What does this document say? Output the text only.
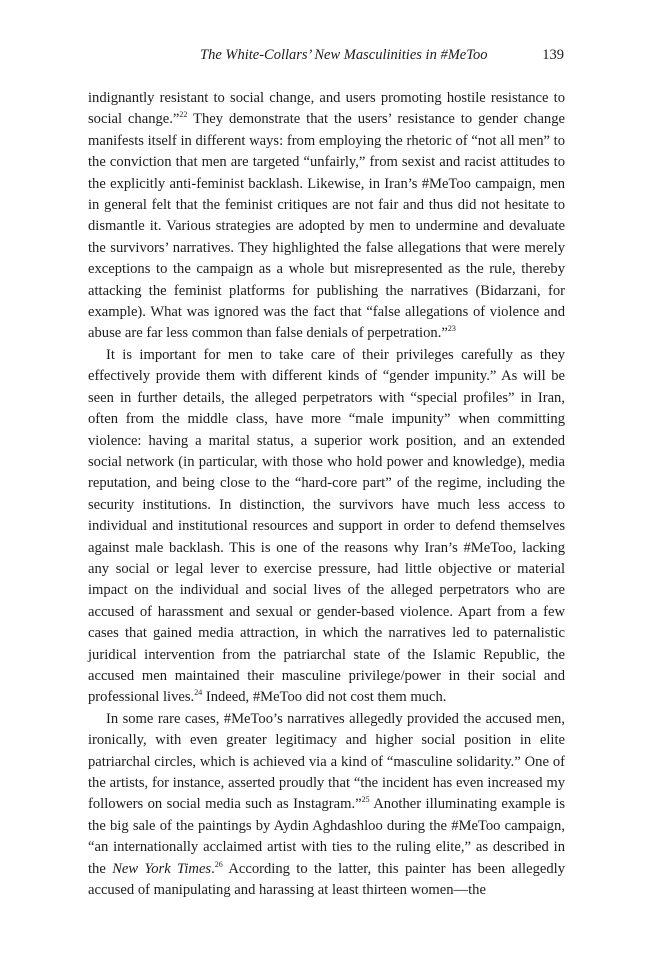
The White-Collars’ New Masculinities in #MeToo	139

indignantly resistant to social change, and users promoting hostile resistance to social change.”$^{22}$ They demonstrate that the users’ resistance to gender change manifests itself in different ways: from employing the rhetoric of “not all men” to the conviction that men are targeted “unfairly,” from sexist and racist attitudes to the explicitly anti-feminist backlash. Likewise, in Iran’s #MeToo campaign, men in general felt that the feminist critiques are not fair and thus did not hesitate to dismantle it. Various strategies are adopted by men to undermine and devaluate the survivors’ narratives. They highlighted the false allegations that were merely exceptions to the campaign as a whole but misrepresented as the rule, thereby attacking the feminist platforms for publishing the narratives (Bidarzani, for example). What was ignored was the fact that “false allegations of violence and abuse are far less common than false denials of perpetration.”$^{23}$

It is important for men to take care of their privileges carefully as they effectively provide them with different kinds of “gender impunity.” As will be seen in further details, the alleged perpetrators with “special profiles” in Iran, often from the middle class, have more “male impunity” when committing violence: having a marital status, a superior work position, and an extended social network (in particular, with those who hold power and knowledge), media reputation, and being close to the “hard-core part” of the regime, including the security institutions. In distinction, the survivors have much less access to individual and institutional resources and support in order to defend themselves against male backlash. This is one of the reasons why Iran’s #MeToo, lacking any social or legal lever to exercise pressure, had little objective or material impact on the individual and social lives of the alleged perpetrators who are accused of harassment and sexual or gender-based violence. Apart from a few cases that gained media attraction, in which the narratives led to paternalistic juridical intervention from the patriarchal state of the Islamic Republic, the accused men maintained their masculine privilege/power in their social and professional lives.$^{24}$ Indeed, #MeToo did not cost them much.

In some rare cases, #MeToo’s narratives allegedly provided the accused men, ironically, with even greater legitimacy and higher social position in elite patriarchal circles, which is achieved via a kind of “masculine solidarity.” One of the artists, for instance, asserted proudly that “the incident has even increased my followers on social media such as Instagram.”$^{25}$ Another illuminating example is the big sale of the paintings by Aydin Aghdashloo during the #MeToo campaign, “an internationally acclaimed artist with ties to the ruling elite,” as described in the New York Times.$^{26}$ According to the latter, this painter has been allegedly accused of manipulating and harassing at least thirteen women—the
